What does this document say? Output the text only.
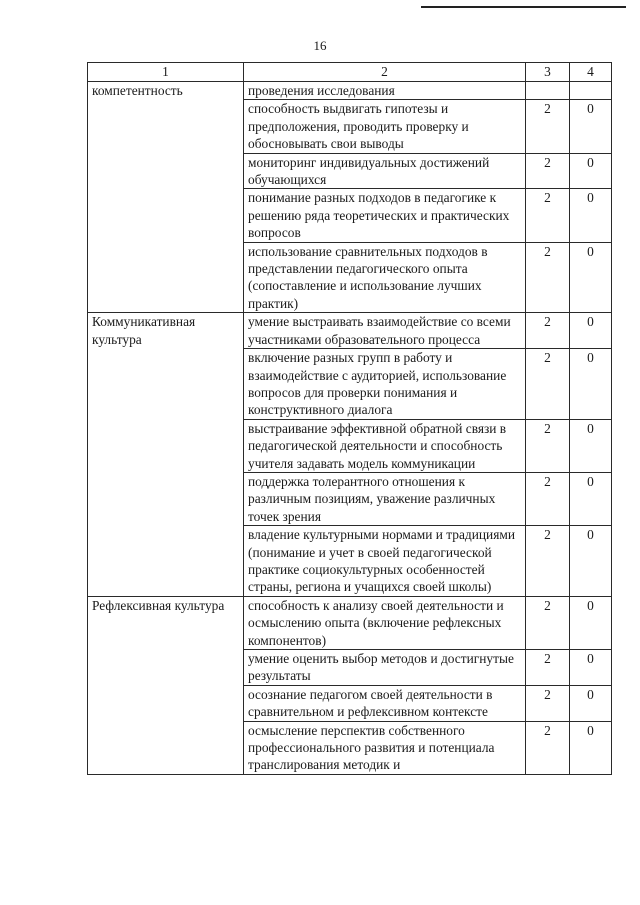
16
1	2	3	4
компетентность	проведения исследования		
	способность выдвигать гипотезы и предположения, проводить проверку и обосновывать свои выводы	2	0
	мониторинг индивидуальных достижений обучающихся	2	0
	понимание разных подходов в педагогике к решению ряда теоретических и практических вопросов	2	0
	использование сравнительных подходов в представлении педагогического опыта (сопоставление и использование лучших практик)	2	0
Коммуникативная культура	умение выстраивать взаимодействие со всеми участниками образовательного процесса	2	0
	включение разных групп в работу и взаимодействие с аудиторией, использование вопросов для проверки понимания и конструктивного диалога	2	0
	выстраивание эффективной обратной связи в педагогической деятельности и способность учителя задавать модель коммуникации	2	0
	поддержка толерантного отношения к различным позициям, уважение различных точек зрения	2	0
	владение культурными нормами и традициями (понимание и учет в своей педагогической практике социокультурных особенностей страны, региона и учащихся своей школы)	2	0
Рефлексивная культура	способность к анализу своей деятельности и осмыслению опыта (включение рефлексных компонентов)	2	0
	умение оценить выбор методов и достигнутые результаты	2	0
	осознание педагогом своей деятельности в сравнительном и рефлексивном контексте	2	0
	осмысление перспектив собственного профессионального развития и потенциала транслирования методик и	2	0
